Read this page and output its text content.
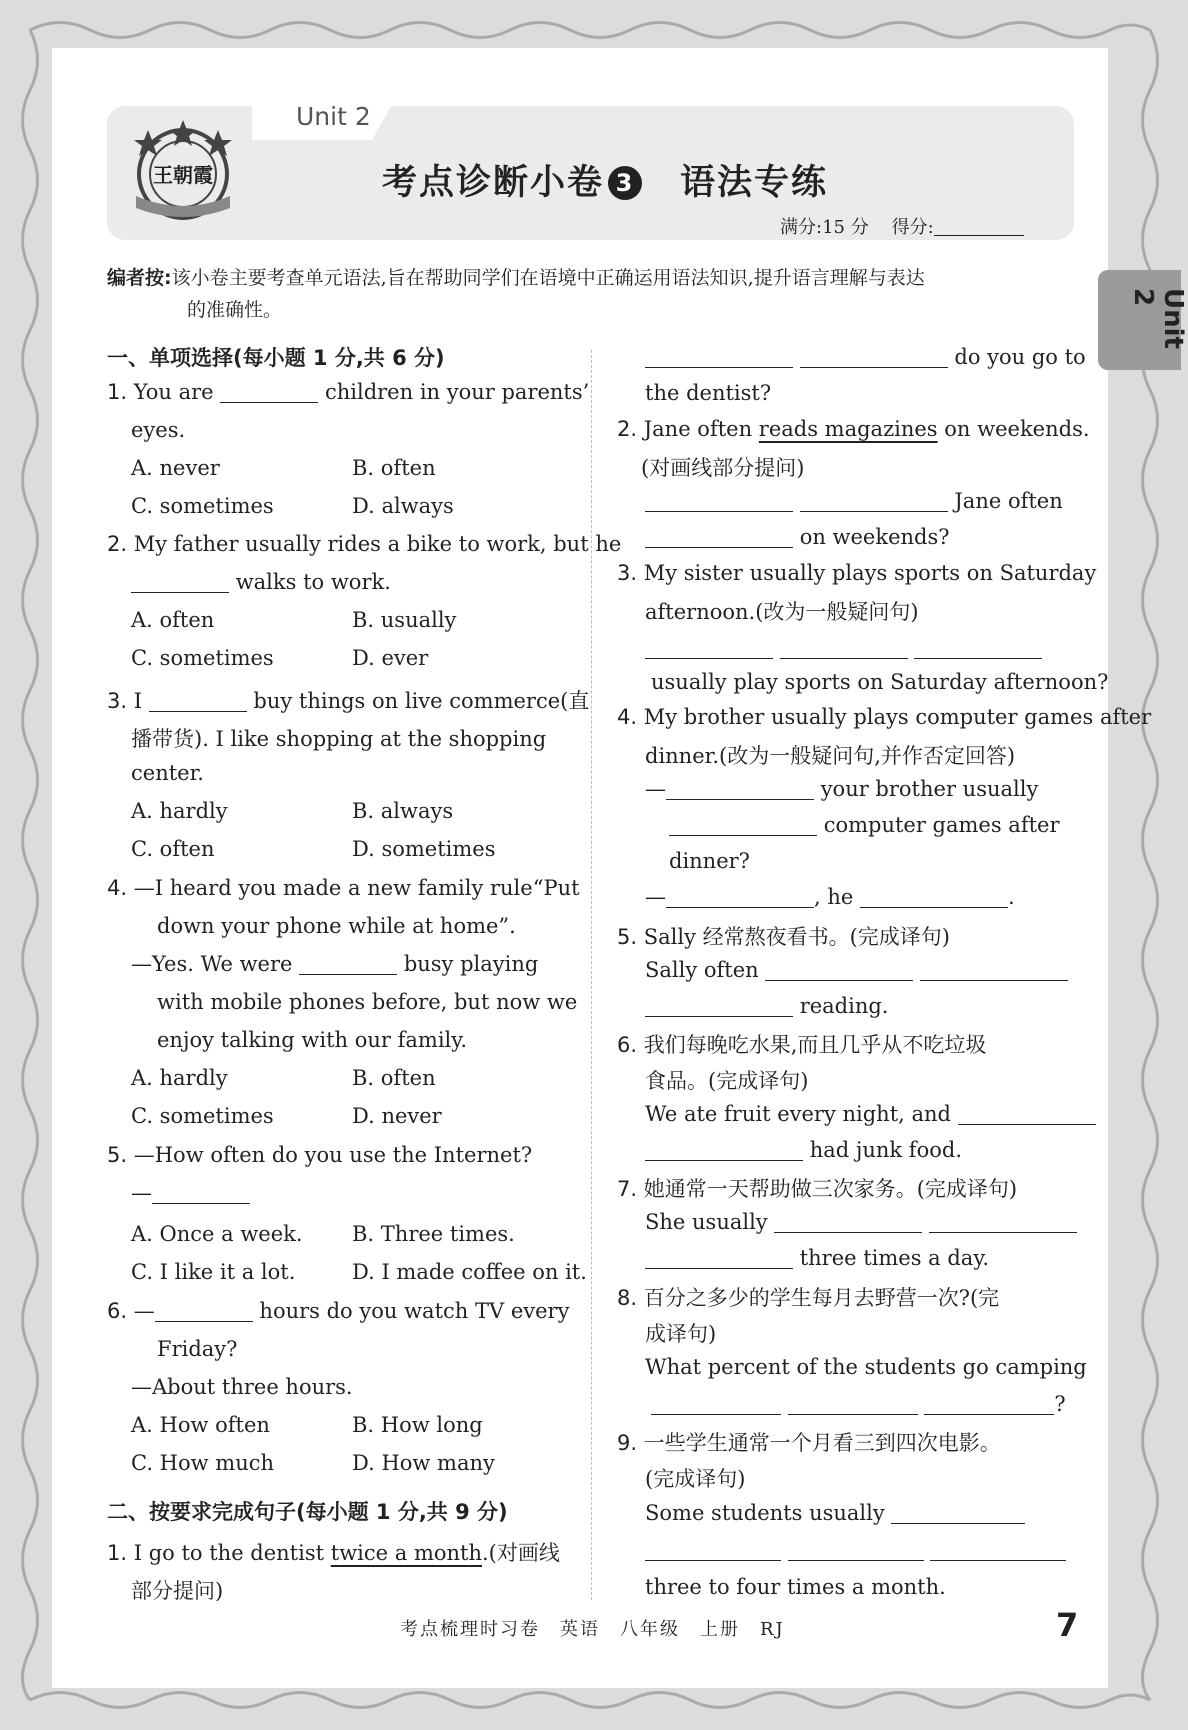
Unit 2
王朝霞	考点诊断小卷 3 语法专练
满分:15 分 得分:
Unit 2
编者按:该小卷主要考查单元语法,旨在帮助同学们在语境中正确运用语法知识,提升语言理解与表达
的准确性。
一、单项选择(每小题 1 分,共 6 分)
1. You are	children in your parents’
eyes.
A. never	B. often
C. sometimes	D. always
2. My father usually rides a bike to work, but he
walks to work.
A. often	B. usually
C. sometimes	D. ever
3. I	buy things on live commerce(直
播带货). I like shopping at the shopping
center.
A. hardly	B. always
C. often	D. sometimes
4. —I heard you made a new family rule“Put
down your phone while at home”.
—Yes. We were	busy playing
with mobile phones before, but now we
enjoy talking with our family.
A. hardly	B. often
C. sometimes	D. never
5. —How often do you use the Internet?
—
A. Once a week. B. Three times.
C. I like it a lot.	D. I made coffee on it.
6. —	hours do you watch TV every
Friday?
—About three hours.
A. How often	B. How long
C. How much	D. How many
二、按要求完成句子(每小题 1 分,共 9 分)
1. I go to the dentist twice a month.(对画线
部分提问)
do you go to
the dentist?
2. Jane often reads magazines on weekends.
(对画线部分提问)
Jane often
on weekends?
3. My sister usually plays sports on Saturday
afternoon.(改为一般疑问句)

usually play sports on Saturday afternoon?
4. My brother usually plays computer games after
dinner.(改为一般疑问句,并作否定回答)
—	your brother usually
computer games after
dinner?
—	, he	.
5. Sally 经常熬夜看书。(完成译句)
Sally often
reading.
6. 我们每晚吃水果,而且几乎从不吃垃圾
食品。(完成译句)
We ate fruit every night, and
had junk food.
7. 她通常一天帮助做三次家务。(完成译句)
She usually
three times a day.
8. 百分之多少的学生每月去野营一次?(完
成译句)
What percent of the students go camping
?
9. 一些学生通常一个月看三到四次电影。
(完成译句)
Some students usually

three to four times a month.
考点梳理时习卷　英语　八年级　上册　RJ	7
